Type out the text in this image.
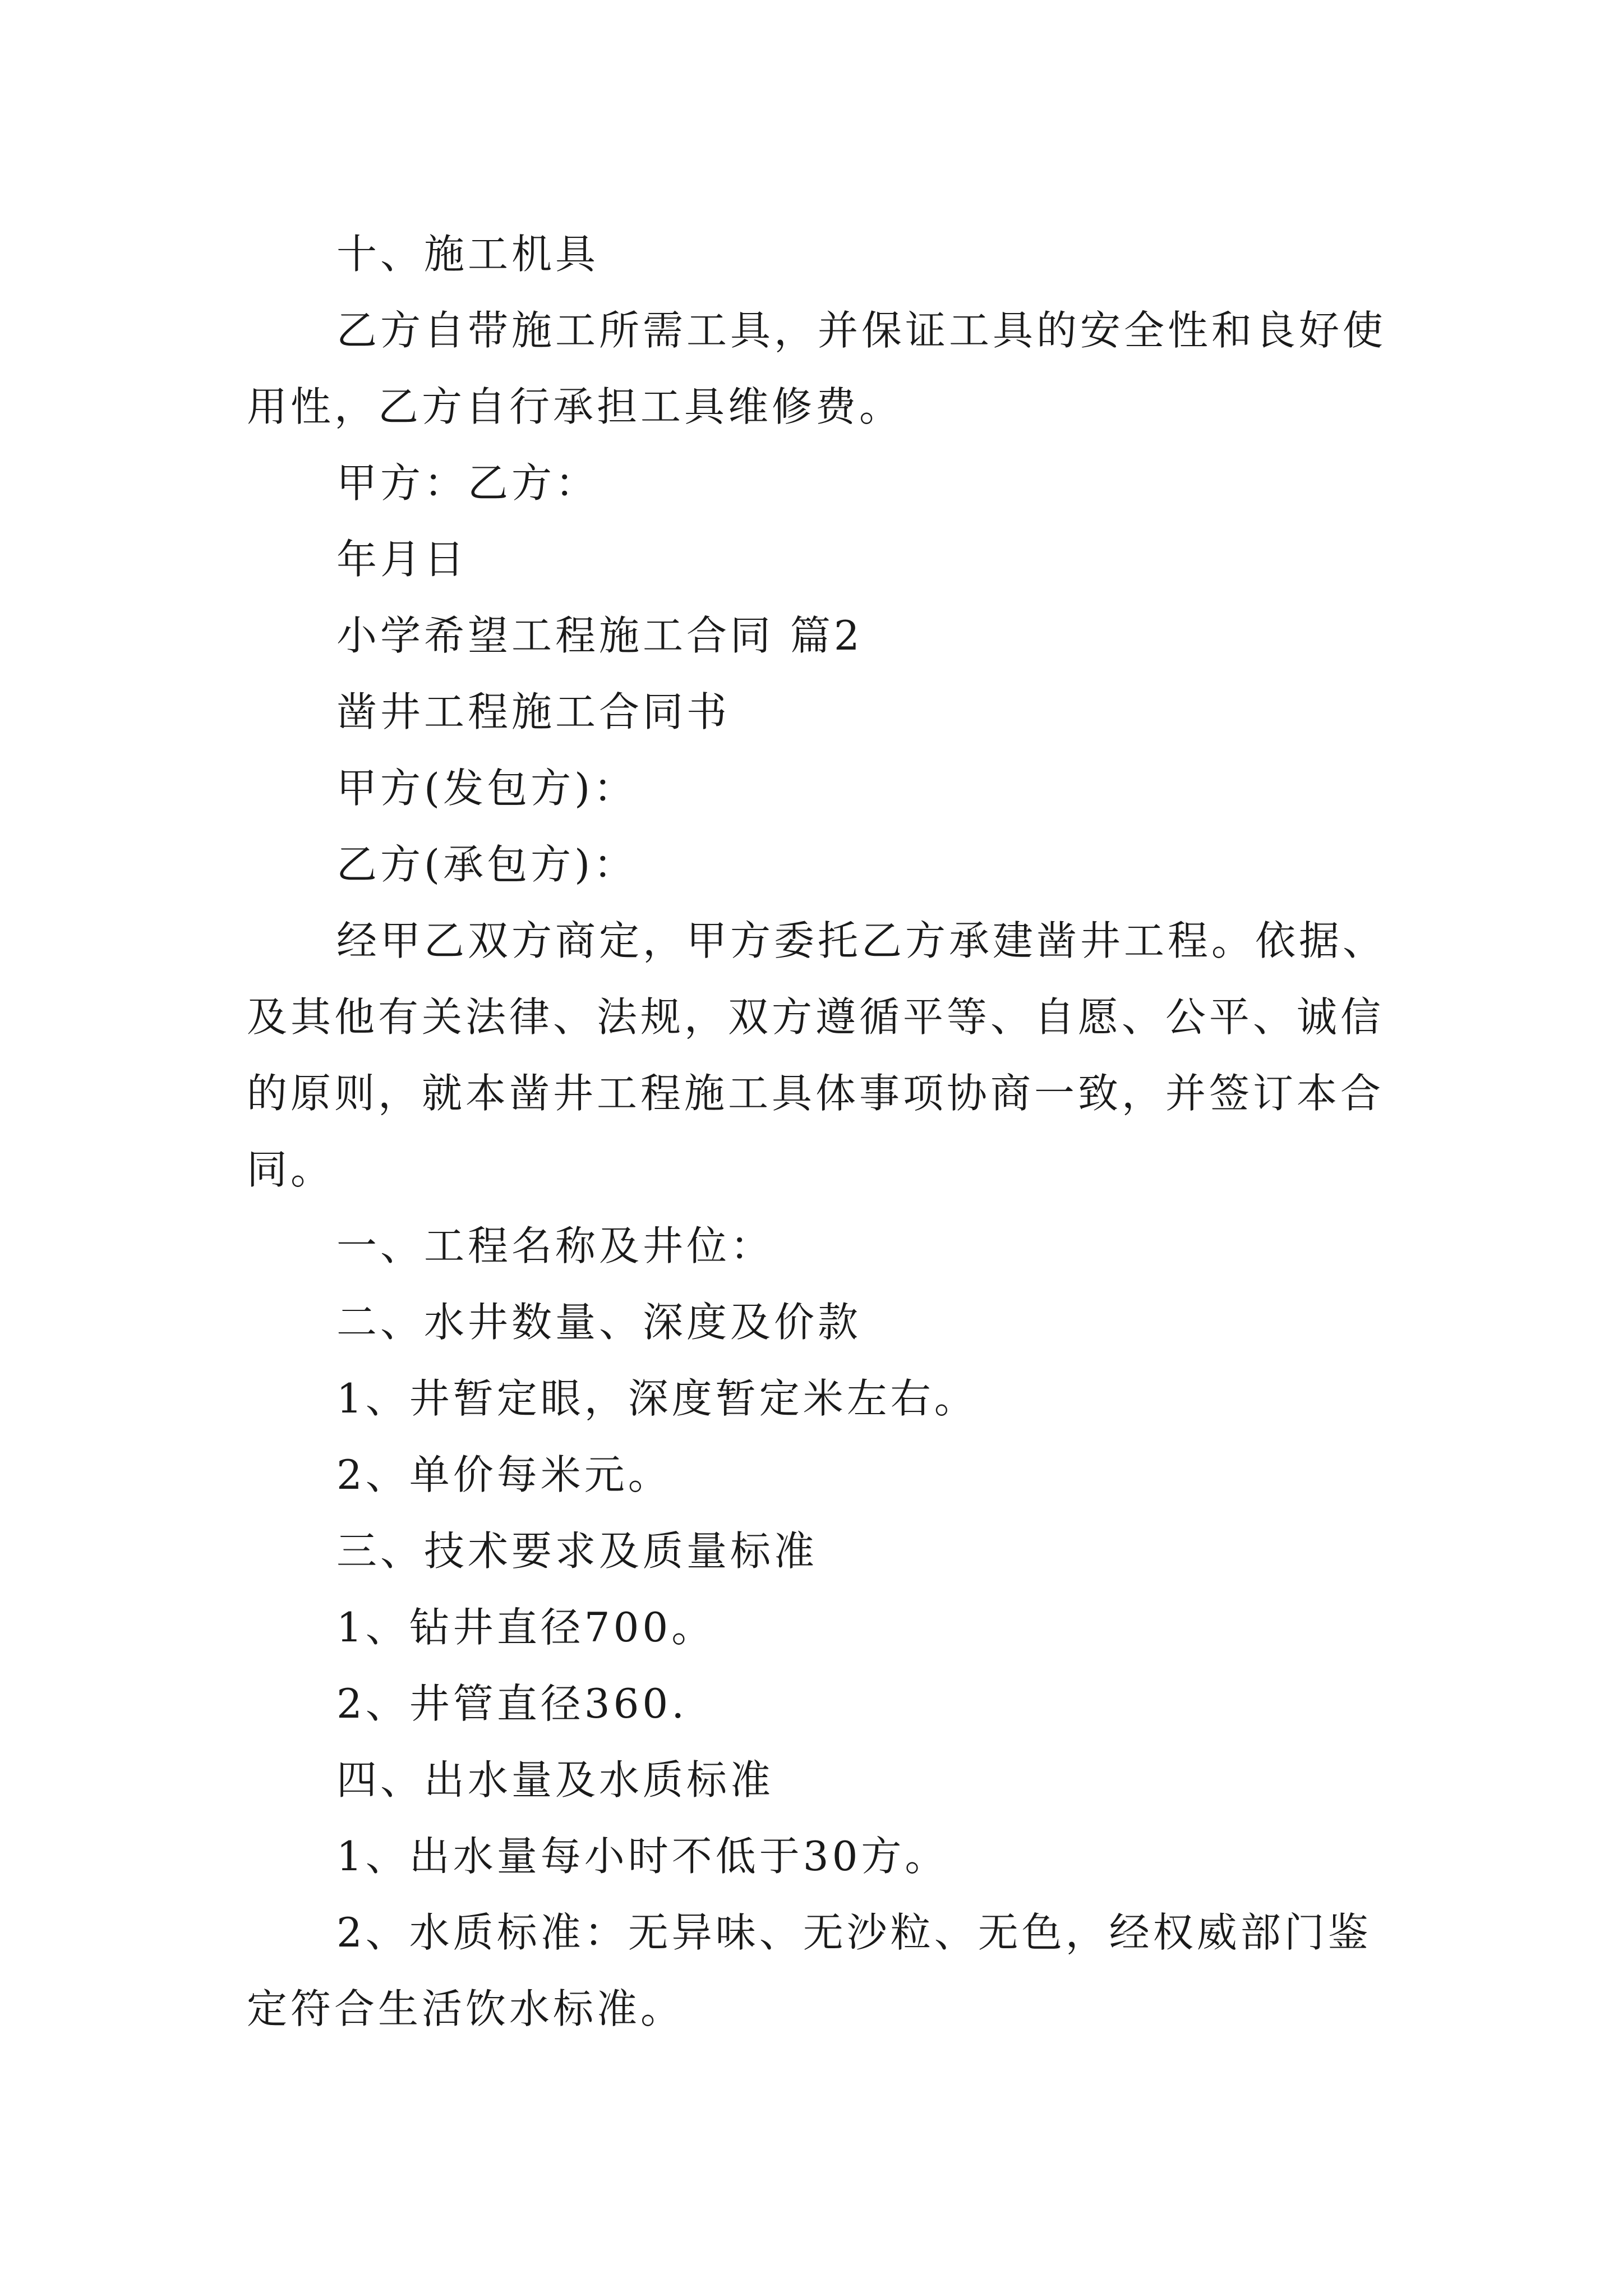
十、施工机具

乙方自带施工所需工具，并保证工具的安全性和良好使用性，乙方自行承担工具维修费。

甲方：乙方：

年月日

小学希望工程施工合同 篇2

凿井工程施工合同书

甲方(发包方)：

乙方(承包方)：

经甲乙双方商定，甲方委托乙方承建凿井工程。依据、及其他有关法律、法规，双方遵循平等、自愿、公平、诚信的原则，就本凿井工程施工具体事项协商一致，并签订本合同。

一、工程名称及井位：

二、水井数量、深度及价款

1、井暂定眼，深度暂定米左右。

2、单价每米元。

三、技术要求及质量标准

1、钻井直径700。

2、井管直径360.

四、出水量及水质标准

1、出水量每小时不低于30方。

2、水质标准：无异味、无沙粒、无色，经权威部门鉴定符合生活饮水标准。
